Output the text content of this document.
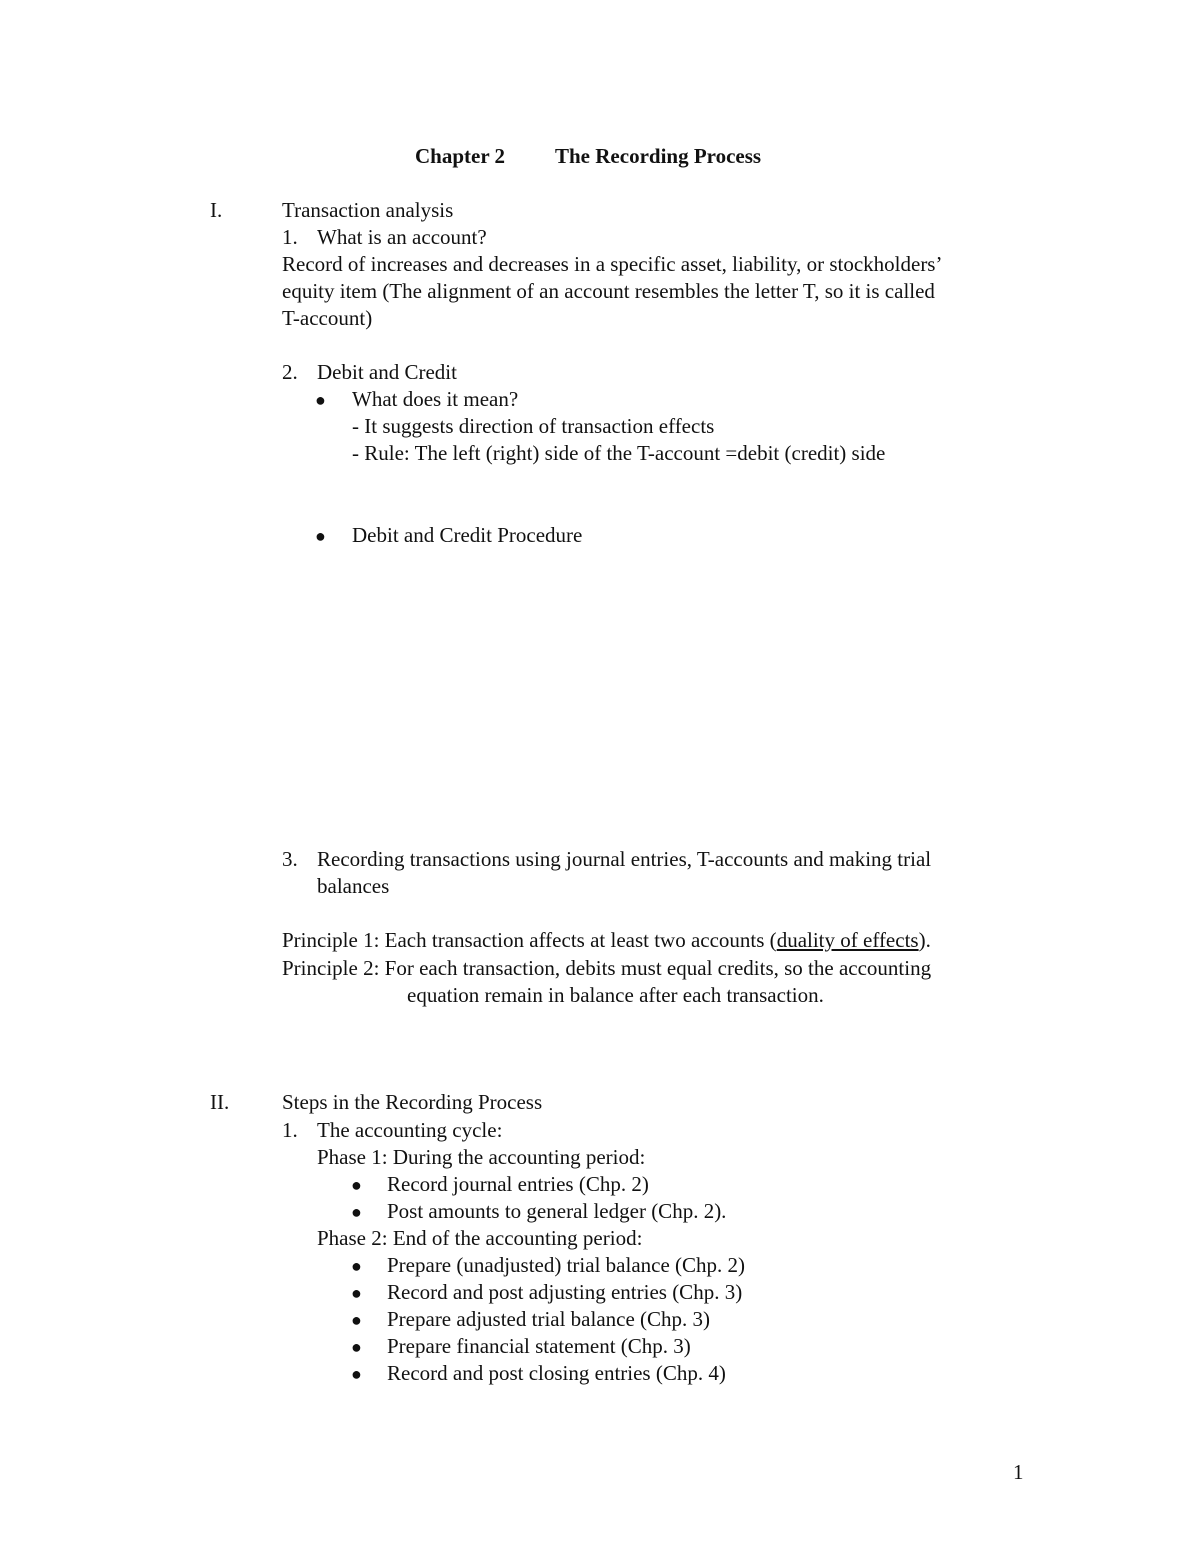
Chapter 2 The Recording Process
I.	Transaction analysis
1. What is an account?
Record of increases and decreases in a specific asset, liability, or stockholders’
equity item (The alignment of an account resembles the letter T, so it is called
T-account)
2. Debit and Credit
● What does it mean?
- It suggests direction of transaction effects
- Rule: The left (right) side of the T-account =debit (credit) side
● Debit and Credit Procedure
3. Recording transactions using journal entries, T-accounts and making trial
balances
Principle 1: Each transaction affects at least two accounts (duality of effects).
Principle 2: For each transaction, debits must equal credits, so the accounting
equation remain in balance after each transaction.
II.	Steps in the Recording Process
1. The accounting cycle:
Phase 1: During the accounting period:
● Record journal entries (Chp. 2)
● Post amounts to general ledger (Chp. 2).
Phase 2: End of the accounting period:
● Prepare (unadjusted) trial balance (Chp. 2)
● Record and post adjusting entries (Chp. 3)
● Prepare adjusted trial balance (Chp. 3)
● Prepare financial statement (Chp. 3)
● Record and post closing entries (Chp. 4)
1
